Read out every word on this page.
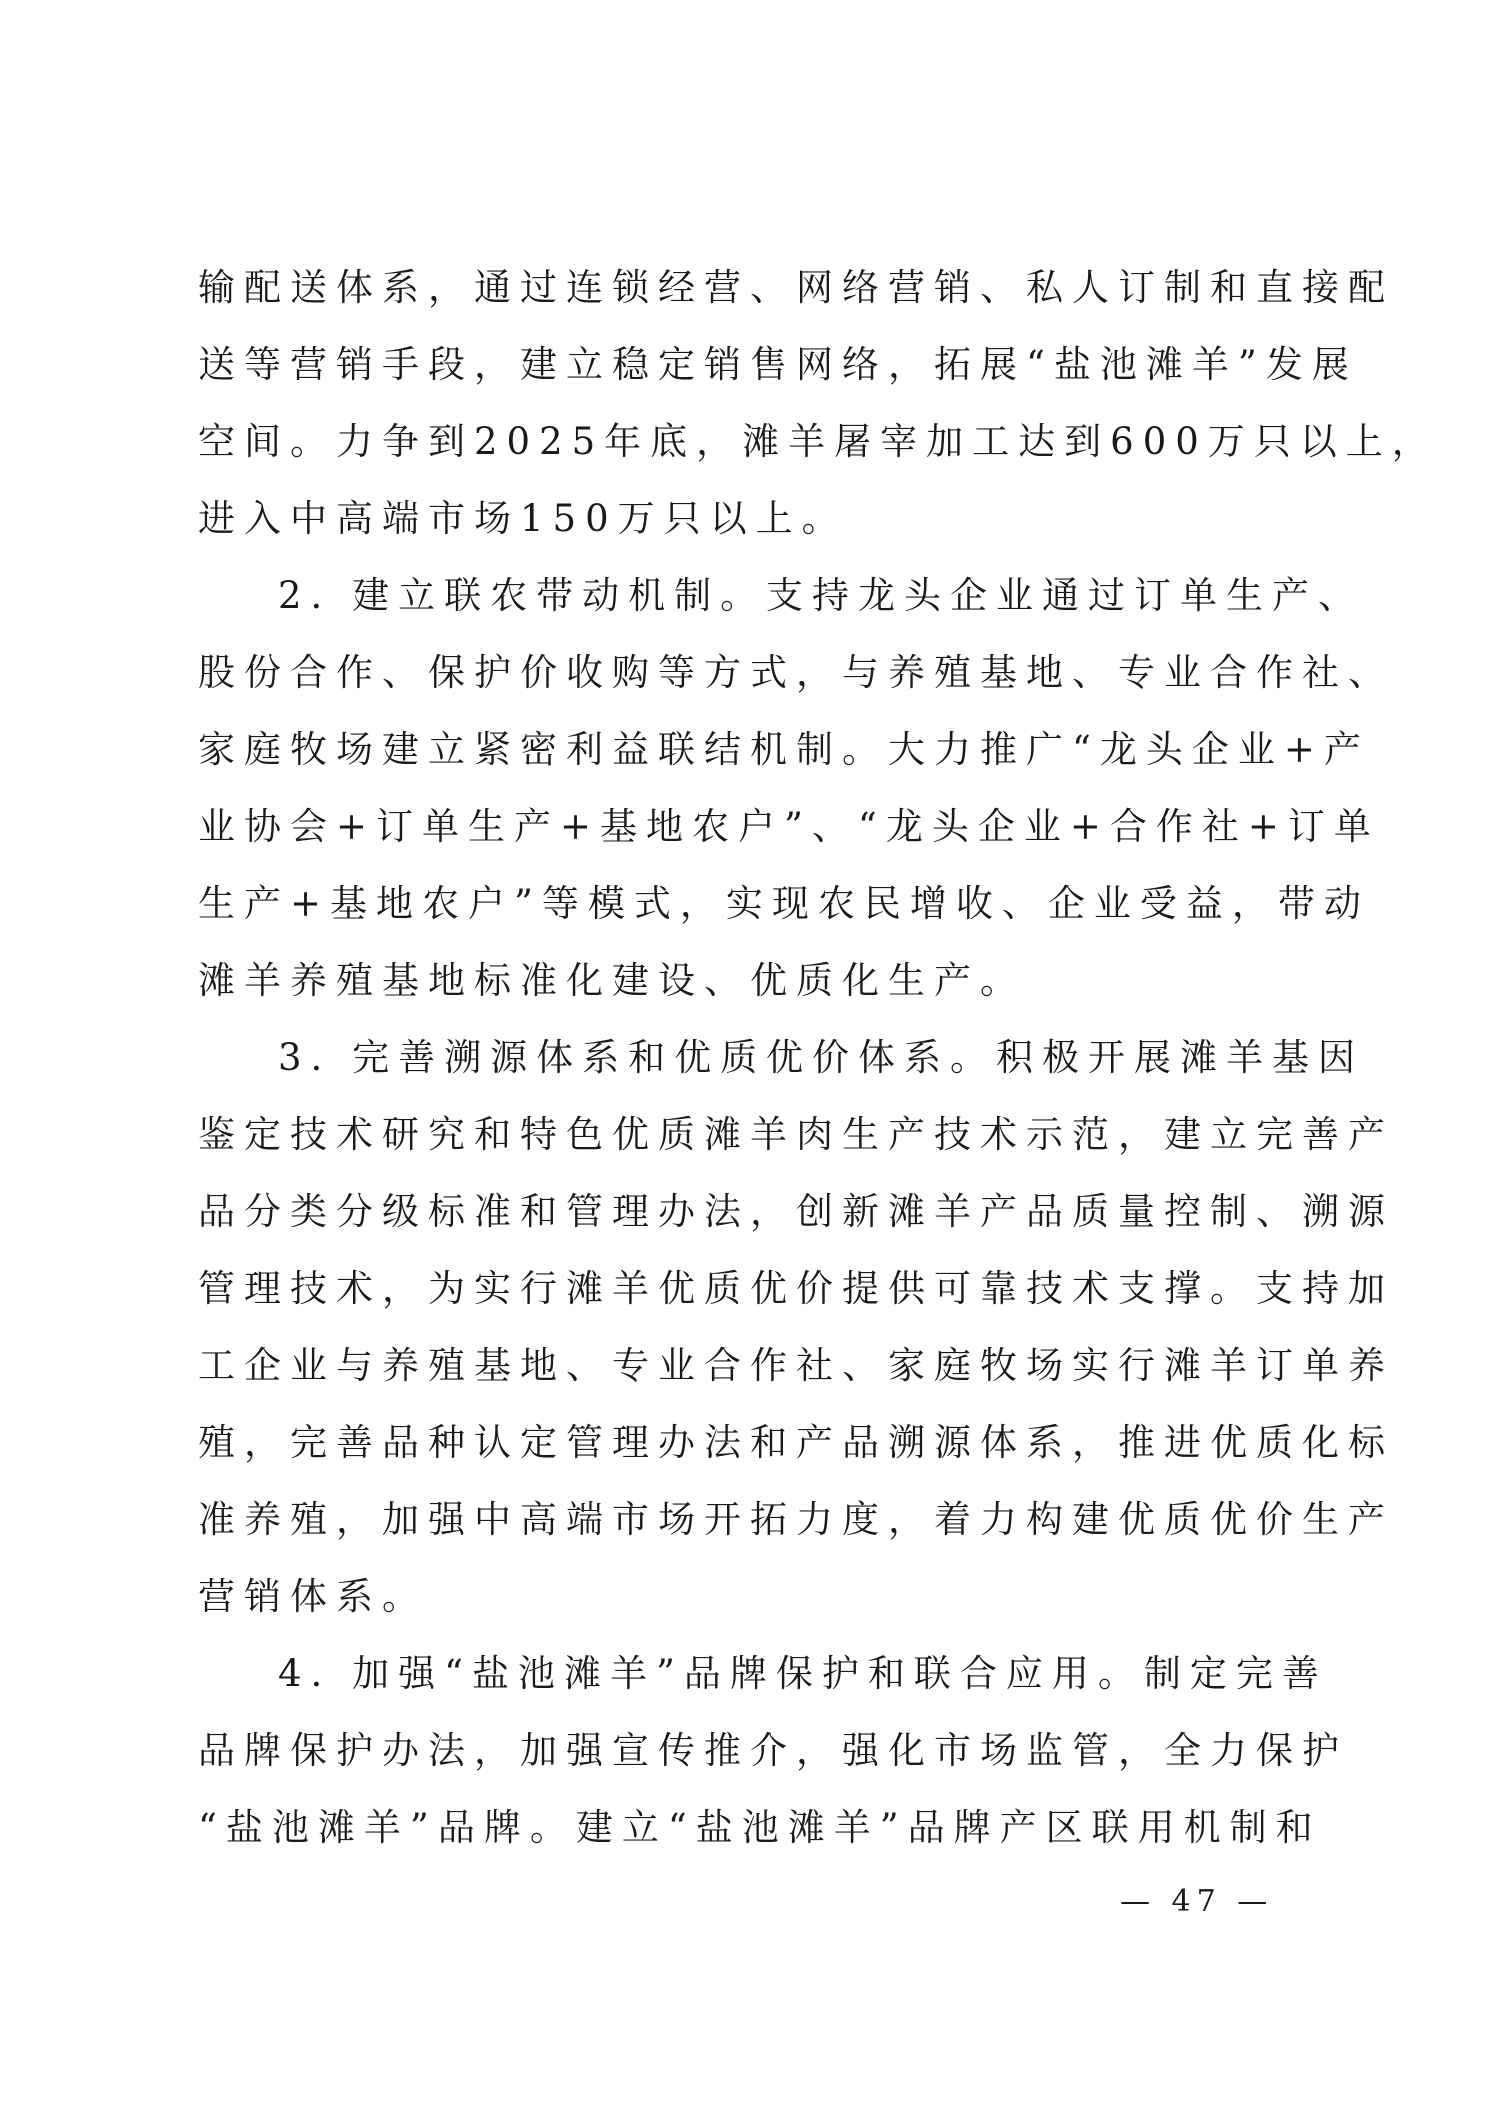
输配送体系，通过连锁经营、网络营销、私人订制和直接配
送等营销手段，建立稳定销售网络，拓展“盐池滩羊”发展
空间。力争到2025年底，滩羊屠宰加工达到600万只以上，
进入中高端市场150万只以上。
2. 建立联农带动机制。支持龙头企业通过订单生产、
股份合作、保护价收购等方式，与养殖基地、专业合作社、
家庭牧场建立紧密利益联结机制。大力推广“龙头企业+产
业协会+订单生产+基地农户”、“龙头企业+合作社+订单
生产+基地农户”等模式，实现农民增收、企业受益，带动
滩羊养殖基地标准化建设、优质化生产。
3. 完善溯源体系和优质优价体系。积极开展滩羊基因
鉴定技术研究和特色优质滩羊肉生产技术示范，建立完善产
品分类分级标准和管理办法，创新滩羊产品质量控制、溯源
管理技术，为实行滩羊优质优价提供可靠技术支撑。支持加
工企业与养殖基地、专业合作社、家庭牧场实行滩羊订单养
殖，完善品种认定管理办法和产品溯源体系，推进优质化标
准养殖，加强中高端市场开拓力度，着力构建优质优价生产
营销体系。
4. 加强“盐池滩羊”品牌保护和联合应用。制定完善
品牌保护办法，加强宣传推介，强化市场监管，全力保护
“盐池滩羊”品牌。建立“盐池滩羊”品牌产区联用机制和
— 47 —
